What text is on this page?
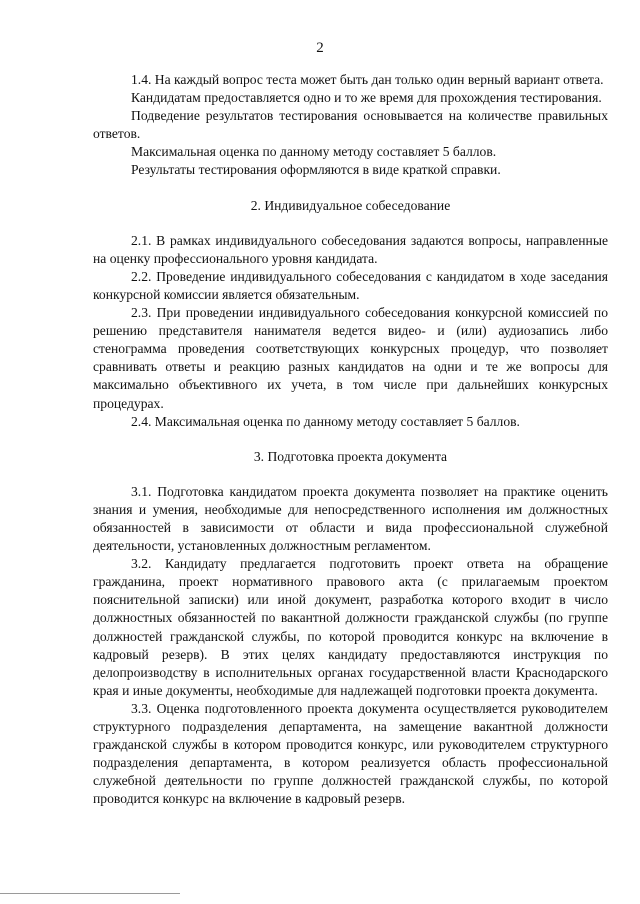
2

1.4. На каждый вопрос теста может быть дан только один верный вариант ответа.

Кандидатам предоставляется одно и то же время для прохождения тестирования.

Подведение результатов тестирования основывается на количестве правильных ответов.

Максимальная оценка по данному методу составляет 5 баллов.

Результаты тестирования оформляются в виде краткой справки.

2. Индивидуальное собеседование

2.1. В рамках индивидуального собеседования задаются вопросы, направленные на оценку профессионального уровня кандидата.

2.2. Проведение индивидуального собеседования с кандидатом в ходе заседания конкурсной комиссии является обязательным.

2.3. При проведении индивидуального собеседования конкурсной комиссией по решению представителя нанимателя ведется видео- и (или) аудиозапись либо стенограмма проведения соответствующих конкурсных процедур, что позволяет сравнивать ответы и реакцию разных кандидатов на одни и те же вопросы для максимально объективного их учета, в том числе при дальнейших конкурсных процедурах.

2.4. Максимальная оценка по данному методу составляет 5 баллов.

3. Подготовка проекта документа

3.1. Подготовка кандидатом проекта документа позволяет на практике оценить знания и умения, необходимые для непосредственного исполнения им должностных обязанностей в зависимости от области и вида профессиональной служебной деятельности, установленных должностным регламентом.

3.2. Кандидату предлагается подготовить проект ответа на обращение гражданина, проект нормативного правового акта (с прилагаемым проектом пояснительной записки) или иной документ, разработка которого входит в число должностных обязанностей по вакантной должности гражданской службы (по группе должностей гражданской службы, по которой проводится конкурс на включение в кадровый резерв). В этих целях кандидату предоставляются инструкция по делопроизводству в исполнительных органах государственной власти Краснодарского края и иные документы, необходимые для надлежащей подготовки проекта документа.

3.3. Оценка подготовленного проекта документа осуществляется руководителем структурного подразделения департамента, на замещение вакантной должности гражданской службы в котором проводится конкурс, или руководителем структурного подразделения департамента, в котором реализуется область профессиональной служебной деятельности по группе должностей гражданской службы, по которой проводится конкурс на включение в кадровый резерв.
